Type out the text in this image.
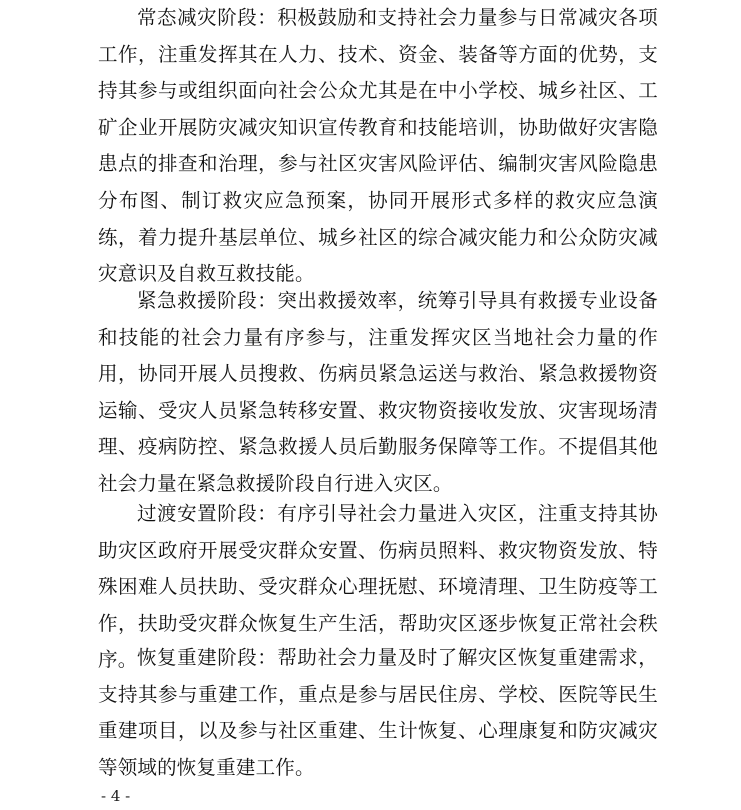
常态减灾阶段：积极鼓励和支持社会力量参与日常减灾各项工作，注重发挥其在人力、技术、资金、装备等方面的优势，支持其参与或组织面向社会公众尤其是在中小学校、城乡社区、工矿企业开展防灾减灾知识宣传教育和技能培训，协助做好灾害隐患点的排查和治理，参与社区灾害风险评估、编制灾害风险隐患分布图、制订救灾应急预案，协同开展形式多样的救灾应急演练，着力提升基层单位、城乡社区的综合减灾能力和公众防灾减灾意识及自救互救技能。

紧急救援阶段：突出救援效率，统筹引导具有救援专业设备和技能的社会力量有序参与，注重发挥灾区当地社会力量的作用，协同开展人员搜救、伤病员紧急运送与救治、紧急救援物资运输、受灾人员紧急转移安置、救灾物资接收发放、灾害现场清理、疫病防控、紧急救援人员后勤服务保障等工作。不提倡其他社会力量在紧急救援阶段自行进入灾区。

过渡安置阶段：有序引导社会力量进入灾区，注重支持其协助灾区政府开展受灾群众安置、伤病员照料、救灾物资发放、特殊困难人员扶助、受灾群众心理抚慰、环境清理、卫生防疫等工作，扶助受灾群众恢复生产生活，帮助灾区逐步恢复正常社会秩序。 恢复重建阶段：帮助社会力量及时了解灾区恢复重建需求，支持其参与重建工作，重点是参与居民住房、学校、医院等民生重建项目，以及参与社区重建、生计恢复、心理康复和防灾减灾等领域的恢复重建工作。

- 4 -
